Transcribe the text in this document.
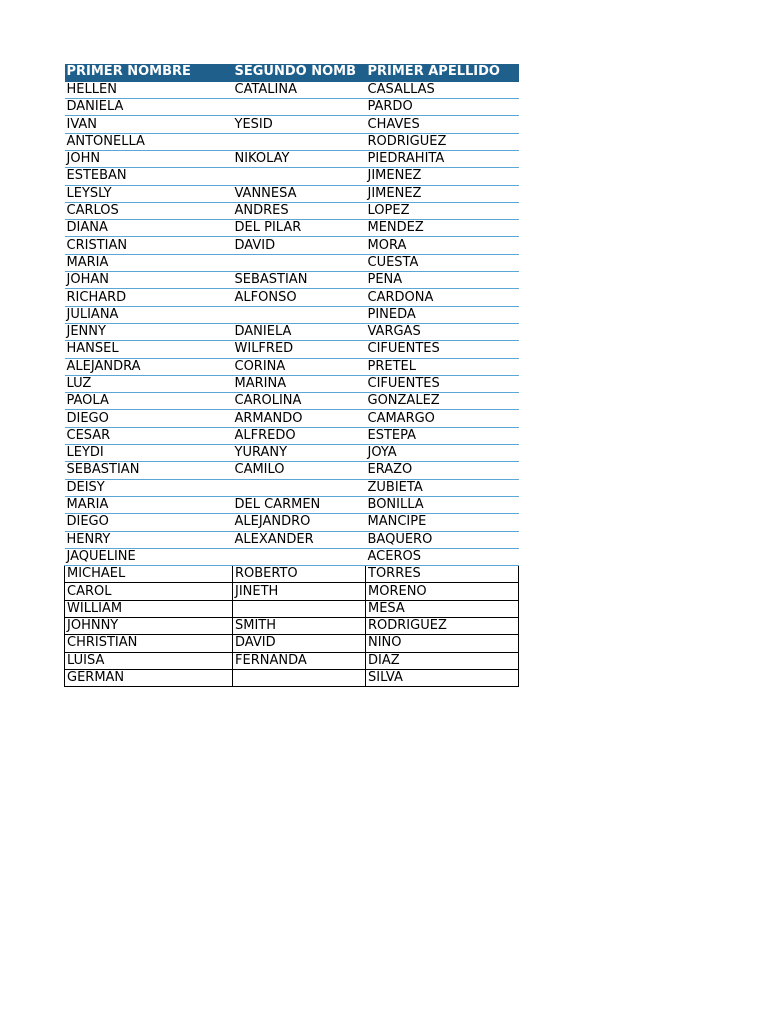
PRIMER NOMBRE	SEGUNDO NOMB	PRIMER APELLIDO
HELLEN	CATALINA	CASALLAS
DANIELA		PARDO
IVAN	YESID	CHAVES
ANTONELLA		RODRIGUEZ
JOHN	NIKOLAY	PIEDRAHITA
ESTEBAN		JIMENEZ
LEYSLY	VANNESA	JIMENEZ
CARLOS	ANDRES	LOPEZ
DIANA	DEL PILAR	MENDEZ
CRISTIAN	DAVID	MORA
MARIA		CUESTA
JOHAN	SEBASTIAN	PEÑA
RICHARD	ALFONSO	CARDONA
JULIANA		PINEDA
JENNY	DANIELA	VARGAS
HANSEL	WILFRED	CIFUENTES
ALEJANDRA	CORINA	PRETEL
LUZ	MARINA	CIFUENTES
PAOLA	CAROLINA	GONZALEZ
DIEGO	ARMANDO	CAMARGO
CESAR	ALFREDO	ESTEPA
LEYDI	YURANY	JOYA
SEBASTIAN	CAMILO	ERAZO
DEISY		ZUBIETA
MARIA	DEL CARMEN	BONILLA
DIEGO	ALEJANDRO	MANCIPE
HENRY	ALEXANDER	BAQUERO
JAQUELINE		ACEROS
MICHAEL	ROBERTO	TORRES
CAROL	JINETH	MORENO
WILLIAM		MESA
JOHNNY	SMITH	RODRIGUEZ
CHRISTIAN	DAVID	NIÑO
LUISA	FERNANDA	DIAZ
GERMAN		SILVA
